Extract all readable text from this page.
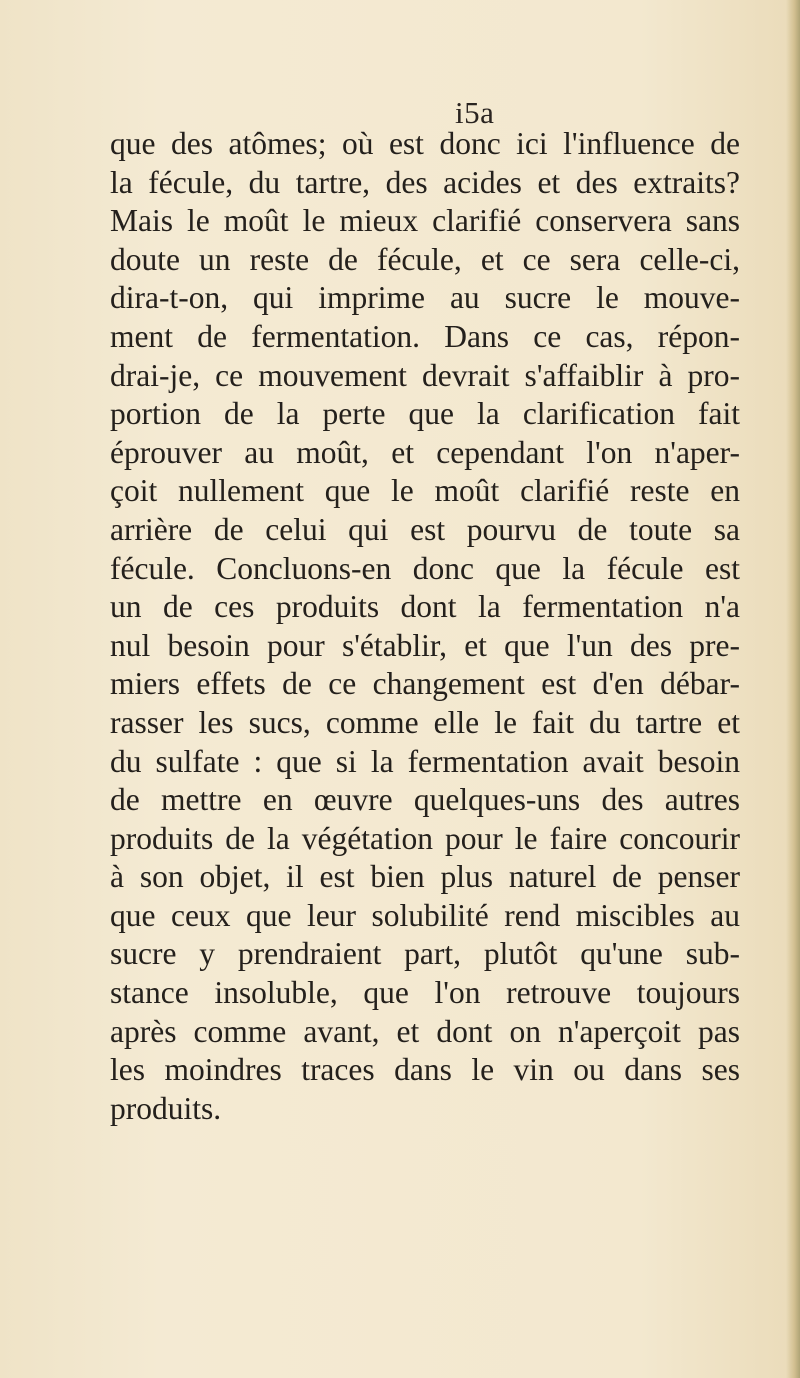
i5a
que des atômes; où est donc ici l'influence de
la fécule, du tartre, des acides et des extraits?
Mais le moût le mieux clarifié conservera sans
doute un reste de fécule, et ce sera celle-ci,
dira-t-on, qui imprime au sucre le mouve-
ment de fermentation. Dans ce cas, répon-
drai-je, ce mouvement devrait s'affaiblir à pro-
portion de la perte que la clarification fait
éprouver au moût, et cependant l'on n'aper-
çoit nullement que le moût clarifié reste en
arrière de celui qui est pourvu de toute sa
fécule. Concluons-en donc que la fécule est
un de ces produits dont la fermentation n'a
nul besoin pour s'établir, et que l'un des pre-
miers effets de ce changement est d'en débar-
rasser les sucs, comme elle le fait du tartre et
du sulfate : que si la fermentation avait besoin
de mettre en œuvre quelques-uns des autres
produits de la végétation pour le faire concourir
à son objet, il est bien plus naturel de penser
que ceux que leur solubilité rend miscibles au
sucre y prendraient part, plutôt qu'une sub-
stance insoluble, que l'on retrouve toujours
après comme avant, et dont on n'aperçoit pas
les moindres traces dans le vin ou dans ses
produits.
